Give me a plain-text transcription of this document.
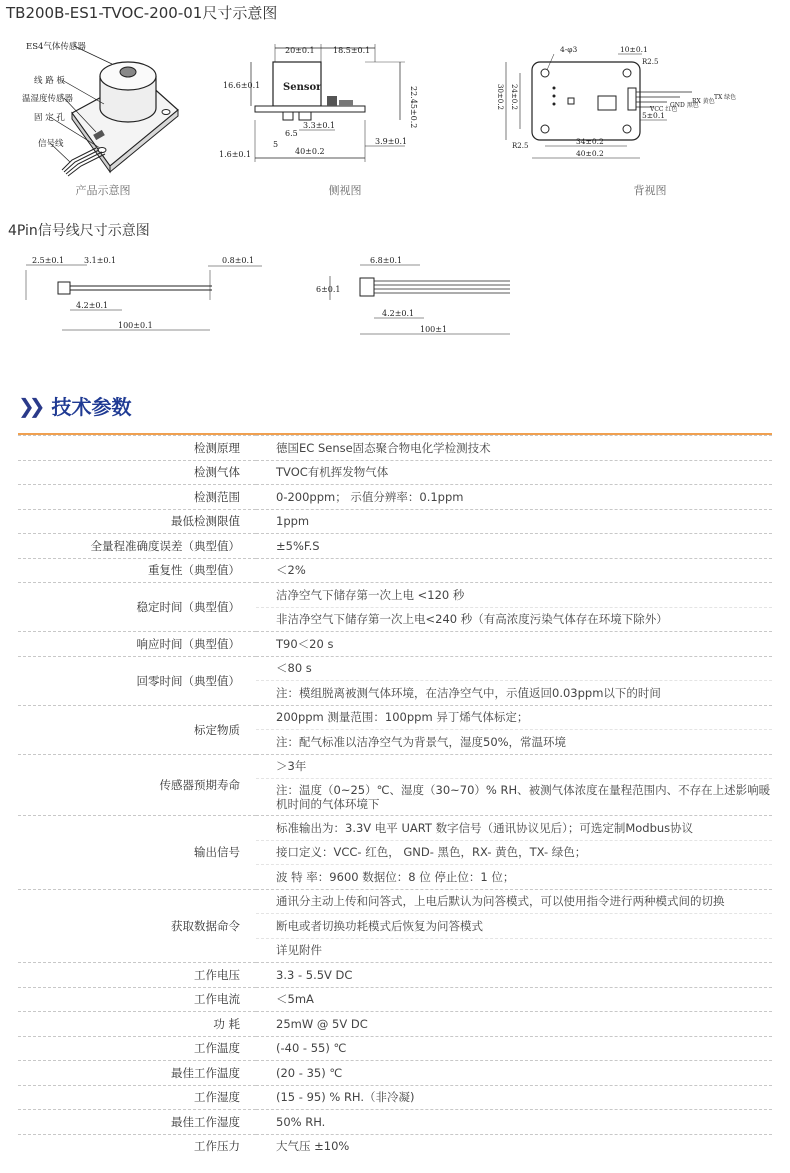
TB200B-ES1-TVOC-200-01尺寸示意图
ES4气体传感器
线 路 板
温湿度传感器
固 定 孔
信号线
产品示意图
20±0.1 18.5±0.1
Sensor
16.6±0.1
22.45±0.2
6.5
3.3±0.1
5
1.6±0.1	40±0.2
3.9±0.1
侧视图
TX 绿色
RX 黄色
GND 黑色
VCC 红色
4-φ3	10±0.1
R2.5
30±0.2 24±0.2
5±0.1
34±0.2
40±0.2
R2.5
背视图
4Pin信号线尺寸示意图
2.5±0.1 3.1±0.1	0.8±0.1
4.2±0.1
100±0.1
6.8±0.1
6±0.1
4.2±0.1
100±1
❯❯ 技术参数
检测原理	德国EC Sense固态聚合物电化学检测技术
检测气体	TVOC有机挥发物气体
检测范围	0-200ppm； 示值分辨率：0.1ppm
最低检测限值	1ppm
全量程准确度误差（典型值）	±5%F.S
重复性（典型值）	＜2%
稳定时间（典型值）	洁净空气下储存第一次上电 <120 秒
	非洁净空气下储存第一次上电<240 秒（有高浓度污染气体存在环境下除外）
响应时间（典型值）	T90＜20 s
回零时间（典型值）	＜80 s
	注：模组脱离被测气体环境，在洁净空气中，示值返回0.03ppm以下的时间
标定物质	200ppm 测量范围：100ppm 异丁烯气体标定；
	注：配气标准以洁净空气为背景气，湿度50%，常温环境
传感器预期寿命	＞3年
	注：温度（0~25）℃、湿度（30~70）% RH、被测气体浓度在量程范围内、不存在上述影响暖机时间的气体环境下
输出信号	标准输出为：3.3V 电平 UART 数字信号（通讯协议见后）；可选定制Modbus协议
	接口定义：VCC- 红色， GND- 黑色，RX- 黄色，TX- 绿色；
	波 特 率：9600 数据位：8 位 停止位：1 位；
获取数据命令	通讯分主动上传和问答式，上电后默认为问答模式，可以使用指令进行两种模式间的切换
	断电或者切换功耗模式后恢复为问答模式
	详见附件
工作电压	3.3 - 5.5V DC
工作电流	＜5mA
功 耗	25mW @ 5V DC
工作温度	(-40 - 55) ℃
最佳工作温度	(20 - 35) ℃
工作湿度	(15 - 95) % RH.（非冷凝)
最佳工作湿度	50% RH.
工作压力	大气压 ±10%
